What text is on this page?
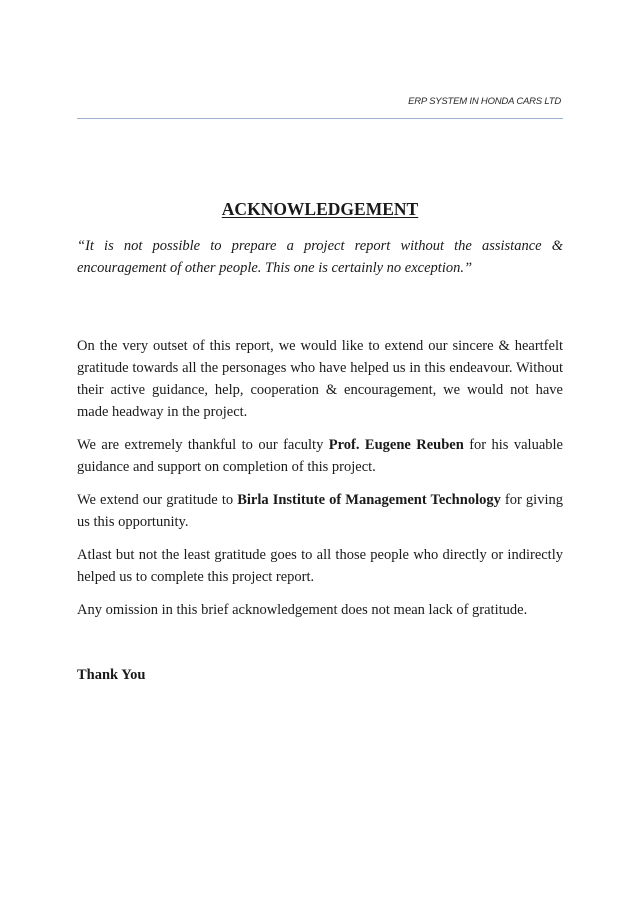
ERP SYSTEM IN HONDA CARS LTD
ACKNOWLEDGEMENT

“It is not possible to prepare a project report without the assistance & encouragement of other people. This one is certainly no exception.”

On the very outset of this report, we would like to extend our sincere & heartfelt gratitude towards all the personages who have helped us in this endeavour. Without their active guidance, help, cooperation & encouragement, we would not have made headway in the project.

We are extremely thankful to our faculty Prof. Eugene Reuben for his valuable guidance and support on completion of this project.

We extend our gratitude to Birla Institute of Management Technology for giving us this opportunity.

Atlast but not the least gratitude goes to all those people who directly or indirectly helped us to complete this project report.

Any omission in this brief acknowledgement does not mean lack of gratitude.

Thank You
